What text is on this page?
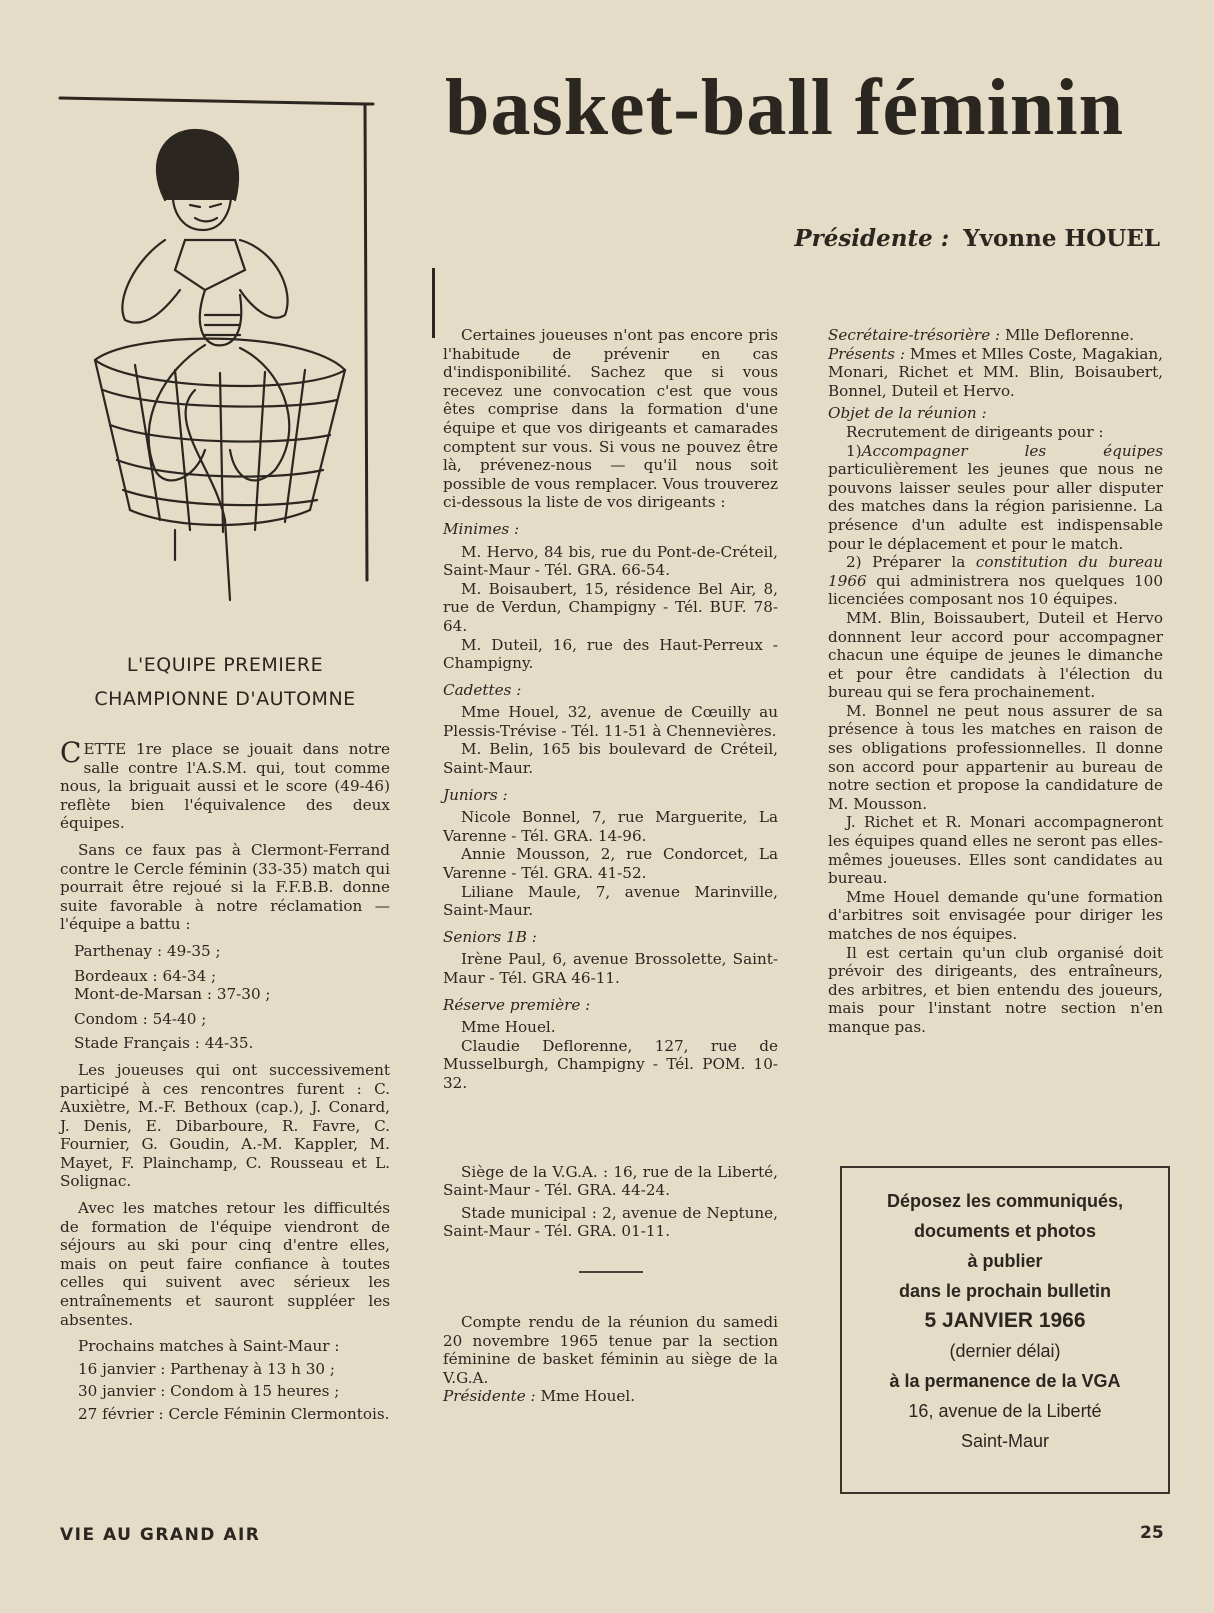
basket-ball féminin
Présidente : Yvonne HOUEL
L'EQUIPE PREMIERE
CHAMPIONNE D'AUTOMNE

CETTE 1re place se jouait dans notre salle contre l'A.S.M. qui, tout comme nous, la briguait aussi et le score (49-46) reflète bien l'équivalence des deux équipes.

Sans ce faux pas à Clermont-Ferrand contre le Cercle féminin (33-35) match qui pourrait être rejoué si la F.F.B.B. donne suite favorable à notre réclamation — l'équipe a battu :

Parthenay : 49-35 ;
Bordeaux : 64-34 ;
Mont-de-Marsan : 37-30 ;
Condom : 54-40 ;
Stade Français : 44-35.

Les joueuses qui ont successivement participé à ces rencontres furent : C. Auxiètre, M.-F. Bethoux (cap.), J. Conard, J. Denis, E. Dibarboure, R. Favre, C. Fournier, G. Goudin, A.-M. Kappler, M. Mayet, F. Plainchamp, C. Rousseau et L. Solignac.

Avec les matches retour les difficultés de formation de l'équipe viendront de séjours au ski pour cinq d'entre elles, mais on peut faire confiance à toutes celles qui suivent avec sérieux les entraînements et sauront suppléer les absentes.

Prochains matches à Saint-Maur :

16 janvier : Parthenay à 13 h 30 ;

30 janvier : Condom à 15 heures ;

27 février : Cercle Féminin Clermontois.

Certaines joueuses n'ont pas encore pris l'habitude de prévenir en cas d'indisponibilité. Sachez que si vous recevez une convocation c'est que vous êtes comprise dans la formation d'une équipe et que vos dirigeants et camarades comptent sur vous. Si vous ne pouvez être là, prévenez-nous — qu'il nous soit possible de vous remplacer. Vous trouverez ci-dessous la liste de vos dirigeants :

Minimes :

M. Hervo, 84 bis, rue du Pont-de-Créteil, Saint-Maur - Tél. GRA. 66-54.

M. Boisaubert, 15, résidence Bel Air, 8, rue de Verdun, Champigny - Tél. BUF. 78-64.

M. Duteil, 16, rue des Haut-Perreux - Champigny.

Cadettes :

Mme Houel, 32, avenue de Cœuilly au Plessis-Trévise - Tél. 11-51 à Chennevières.

M. Belin, 165 bis boulevard de Créteil, Saint-Maur.

Juniors :

Nicole Bonnel, 7, rue Marguerite, La Varenne - Tél. GRA. 14-96.

Annie Mousson, 2, rue Condorcet, La Varenne - Tél. GRA. 41-52.

Liliane Maule, 7, avenue Marinville, Saint-Maur.

Seniors 1B :

Irène Paul, 6, avenue Brossolette, Saint-Maur - Tél. GRA 46-11.

Réserve première :

Mme Houel.

Claudie Deflorenne, 127, rue de Musselburgh, Champigny - Tél. POM. 10-32.

Siège de la V.G.A. : 16, rue de la Liberté, Saint-Maur - Tél. GRA. 44-24.

Stade municipal : 2, avenue de Neptune, Saint-Maur - Tél. GRA. 01-11.

Compte rendu de la réunion du samedi 20 novembre 1965 tenue par la section féminine de basket féminin au siège de la V.G.A.

Présidente : Mme Houel.

Secrétaire-trésorière : Mlle Deflorenne.

Présents : Mmes et Mlles Coste, Magakian, Monari, Richet et MM. Blin, Boisaubert, Bonnel, Duteil et Hervo.

Objet de la réunion :

Recrutement de dirigeants pour :

1)Accompagner les équipes particulièrement les jeunes que nous ne pouvons laisser seules pour aller disputer des matches dans la région parisienne. La présence d'un adulte est indispensable pour le déplacement et pour le match.

2) Préparer la constitution du bureau 1966 qui administrera nos quelques 100 licenciées composant nos 10 équipes.

MM. Blin, Boissaubert, Duteil et Hervo donnnent leur accord pour accompagner chacun une équipe de jeunes le dimanche et pour être candidats à l'élection du bureau qui se fera prochainement.

M. Bonnel ne peut nous assurer de sa présence à tous les matches en raison de ses obligations professionnelles. Il donne son accord pour appartenir au bureau de notre section et propose la candidature de M. Mousson.

J. Richet et R. Monari accompagneront les équipes quand elles ne seront pas elles-mêmes joueuses. Elles sont candidates au bureau.

Mme Houel demande qu'une formation d'arbitres soit envisagée pour diriger les matches de nos équipes.

Il est certain qu'un club organisé doit prévoir des dirigeants, des entraîneurs, des arbitres, et bien entendu des joueurs, mais pour l'instant notre section n'en manque pas.

Déposez les communiqués,
documents et photos
à publier
dans le prochain bulletin
5 JANVIER 1966
(dernier délai)
à la permanence de la VGA
16, avenue de la Liberté
Saint-Maur
VIE AU GRAND AIR	25
